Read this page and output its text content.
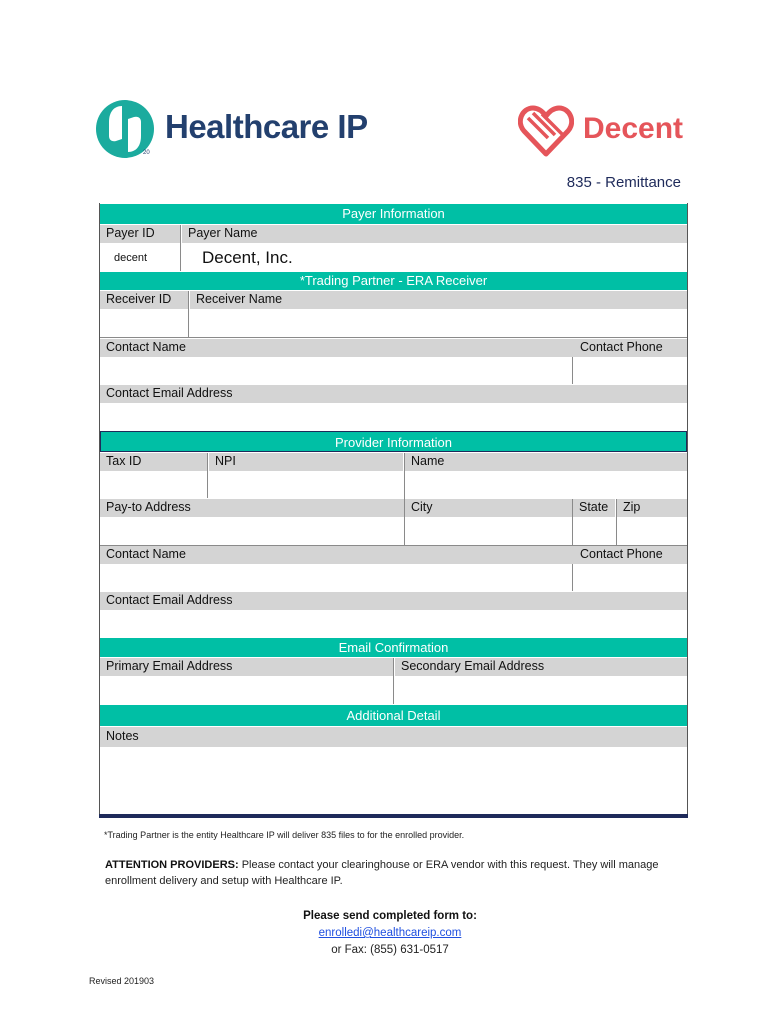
Healthcare IP
20
Decent
835 - Remittance
Payer Information
Payer ID	Payer Name
decent	Decent, Inc.
*Trading Partner - ERA Receiver
Receiver ID	Receiver Name
Contact Name	Contact Phone
Contact Email Address
Provider Information
Tax ID	NPI	Name
Pay-to Address	City	State	Zip
Contact Name	Contact Phone
Contact Email Address
Email Confirmation
Primary Email Address	Secondary Email Address
Additional Detail
Notes
*Trading Partner is the entity Healthcare IP will deliver 835 files to for the enrolled provider.
ATTENTION PROVIDERS: Please contact your clearinghouse or ERA vendor with this request. They will manage
enrollment delivery and setup with Healthcare IP.
Please send completed form to:
enrolledi@healthcareip.com
or Fax: (855) 631-0517
Revised 201903
